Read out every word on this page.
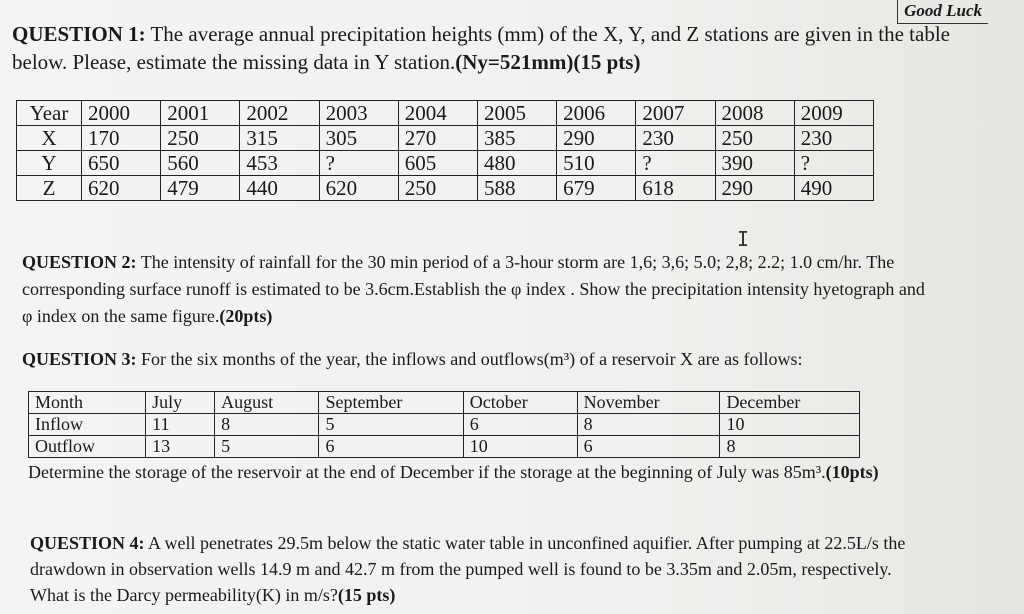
Good Luck

QUESTION 1: The average annual precipitation heights (mm) of the X, Y, and Z stations are given in the table below. Please, estimate the missing data in Y station.(Ny=521mm)(15 pts)

Year	2000	2001	2002	2003	2004	2005	2006	2007	2008	2009
X	170	250	315	305	270	385	290	230	250	230
Y	650	560	453	?	605	480	510	?	390	?
Z	620	479	440	620	250	588	679	618	290	490
I

QUESTION 2: The intensity of rainfall for the 30 min period of a 3-hour storm are 1,6; 3,6; 5.0; 2,8; 2.2; 1.0 cm/hr. The corresponding surface runoff is estimated to be 3.6cm.Establish the φ index . Show the precipitation intensity hyetograph and φ index on the same figure.(20pts)

QUESTION 3: For the six months of the year, the inflows and outflows(m³) of a reservoir X are as follows:

Month	July	August	September	October	November	December
Inflow	11	8	5	6	8	10
Outflow	13	5	6	10	6	8

Determine the storage of the reservoir at the end of December if the storage at the beginning of July was 85m³.(10pts)

QUESTION 4: A well penetrates 29.5m below the static water table in unconfined aquifier. After pumping at 22.5L/s the drawdown in observation wells 14.9 m and 42.7 m from the pumped well is found to be 3.35m and 2.05m, respectively. What is the Darcy permeability(K) in m/s?(15 pts)
